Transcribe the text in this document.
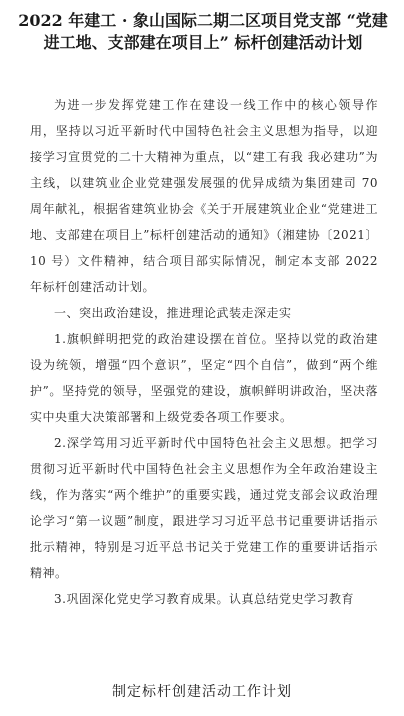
2022 年建工 · 象山国际二期二区项目党支部 “党建进工地、支部建在项目上” 标杆创建活动计划

为进一步发挥党建工作在建设一线工作中的核心领导作用，坚持以习近平新时代中国特色社会主义思想为指导，以迎接学习宣贯党的二十大精神为重点，以“建工有我 我必建功”为主线，以建筑业企业党建强发展强的优异成绩为集团建司 70 周年献礼，根据省建筑业协会《关于开展建筑业企业“党建进工地、支部建在项目上”标杆创建活动的通知》（湘建协〔2021〕10 号）文件精神，结合项目部实际情况，制定本支部 2022 年标杆创建活动计划。

一、突出政治建设，推进理论武装走深走实

1.旗帜鲜明把党的政治建设摆在首位。坚持以党的政治建设为统领，增强“四个意识”，坚定“四个自信”，做到“两个维护”。坚持党的领导，坚强党的建设，旗帜鲜明讲政治，坚决落实中央重大决策部署和上级党委各项工作要求。

2.深学笃用习近平新时代中国特色社会主义思想。把学习贯彻习近平新时代中国特色社会主义思想作为全年政治建设主线，作为落实“两个维护”的重要实践，通过党支部会议政治理论学习“第一议题”制度，跟进学习习近平总书记重要讲话指示批示精神，特别是习近平总书记关于党建工作的重要讲话指示精神。

3.巩固深化党史学习教育成果。认真总结党史学习教育

制定标杆创建活动工作计划
